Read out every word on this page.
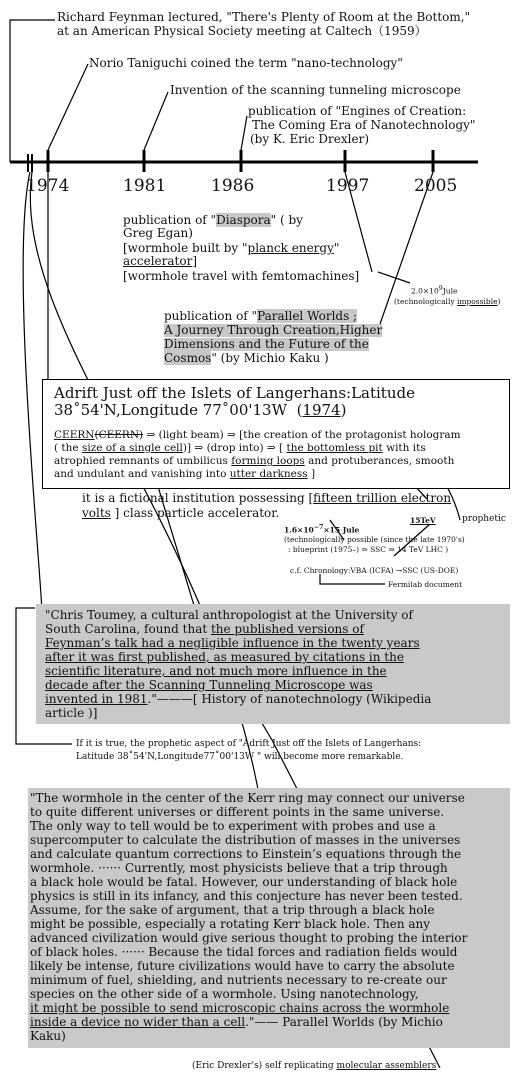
Richard Feynman lectured, "There's Plenty of Room at the Bottom,"
at an American Physical Society meeting at Caltech（1959）
Norio Taniguchi coined the term "nano-technology"
Invention of the scanning tunneling microscope
publication of "Engines of Creation:
The Coming Era of Nanotechnology"
(by K. Eric Drexler)
1974	1981	1986	1997	2005
publication of "Diaspora" ( by
Greg Egan)
[wormhole built by "planck energy"
accelerator]
[wormhole travel with femtomachines]
$2.0\times 10^9Jule$
(technologically impossible)
publication of "Parallel Worlds ;
A Journey Through Creation,Higher
Dimensions and the Future of the
Cosmos" (by Michio Kaku )
Adrift Just off the Islets of Langerhans:Latitude
38˚54'N,Longitude 77˚00'13W  (1974)
CEERN(CEERN) ⇒ (light beam) ⇒ [the creation of the protagonist hologram
( the size of a single cell)] ⇒ (drop into) ⇒ [ the bottomless pit with its
atrophied remnants of umbilicus forming loops and protuberances, smooth
and undulant and vanishing into utter darkness ]
it is a fictional institution possessing [fifteen trillion electron
volts ] class particle accelerator.
$1.6\times 10^{-7}\times 15$ Jule
15TeV	prophetic
(technologically possible (since the late 1970's)
: blueprint (1975–) ⇒ SSC ⇒ 14 TeV LHC )
c.f. Chronology:VBA (ICFA) →SSC (US-DOE)
Fermilab document
"Chris Toumey, a cultural anthropologist at the University of
South Carolina, found that the published versions of
Feynman’s talk had a negligible influence in the twenty years
after it was first published, as measured by citations in the
scientific literature, and not much more influence in the
decade after the Scanning Tunneling Microscope was
invented in 1981."———[ History of nanotechnology (Wikipedia
article )]
If it is true, the prophetic aspect of "Adrift Just off the Islets of Langerhans:
Latitude 38˚54'N,Longitude77˚00'13W " will become more remarkable.
"The wormhole in the center of the Kerr ring may connect our universe
to quite different universes or different points in the same universe.
The only way to tell would be to experiment with probes and use a
supercomputer to calculate the distribution of masses in the universes
and calculate quantum corrections to Einstein’s equations through the
wormhole. ······ Currently, most physicists believe that a trip through
a black hole would be fatal. However, our understanding of black hole
physics is still in its infancy, and this conjecture has never been tested.
Assume, for the sake of argument, that a trip through a black hole
might be possible, especially a rotating Kerr black hole. Then any
advanced civilization would give serious thought to probing the interior
of black holes. ······ Because the tidal forces and radiation fields would
likely be intense, future civilizations would have to carry the absolute
minimum of fuel, shielding, and nutrients necessary to re-create our
species on the other side of a wormhole. Using nanotechnology,
it might be possible to send microscopic chains across the wormhole
inside a device no wider than a cell."—— Parallel Worlds (by Michio
Kaku)
(Eric Drexler's) self replicating molecular assemblers
